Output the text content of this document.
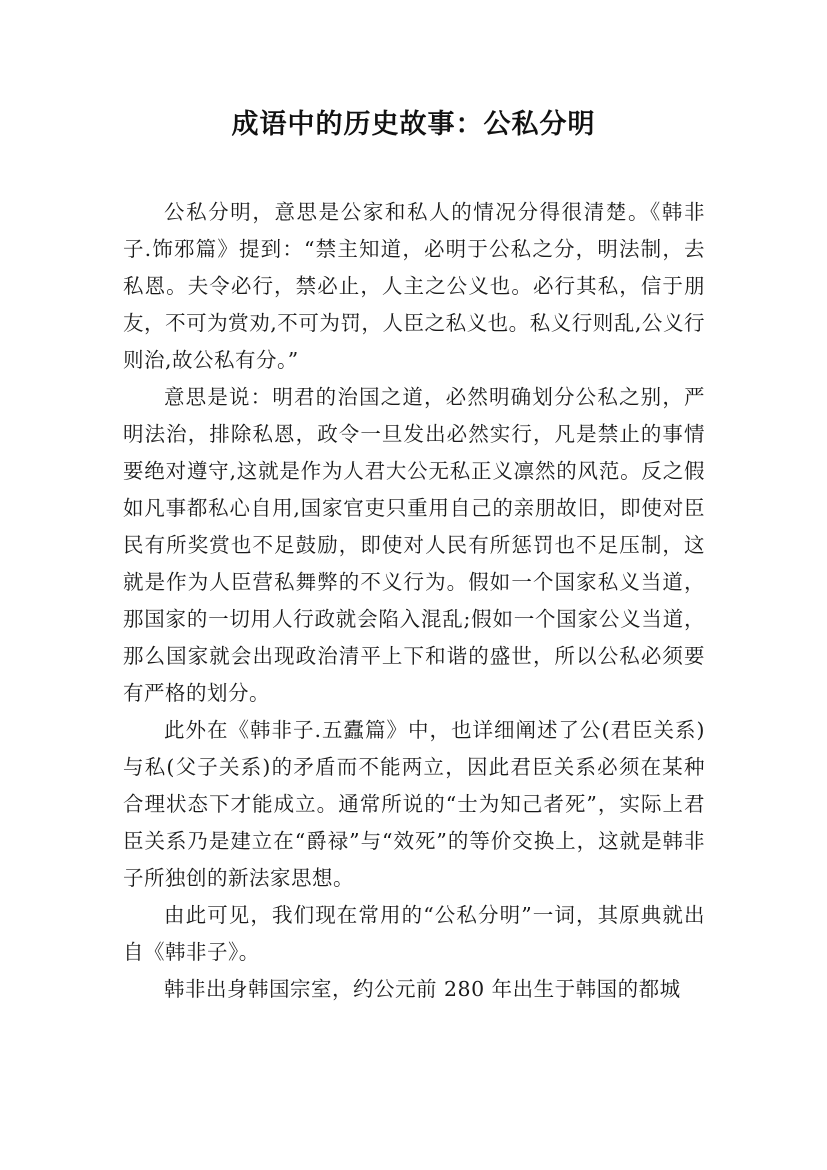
成语中的历史故事：公私分明

公私分明，意思是公家和私人的情况分得很清楚。《韩非子.饰邪篇》提到：“禁主知道，必明于公私之分，明法制，去私恩。夫令必行，禁必止，人主之公义也。必行其私，信于朋友，不可为赏劝,不可为罚，人臣之私义也。私义行则乱,公义行则治,故公私有分。”

意思是说：明君的治国之道，必然明确划分公私之别，严明法治，排除私恩，政令一旦发出必然实行，凡是禁止的事情要绝对遵守,这就是作为人君大公无私正义凛然的风范。反之假如凡事都私心自用,国家官吏只重用自己的亲朋故旧，即使对臣民有所奖赏也不足鼓励，即使对人民有所惩罚也不足压制，这就是作为人臣营私舞弊的不义行为。假如一个国家私义当道，那国家的一切用人行政就会陷入混乱;假如一个国家公义当道，那么国家就会出现政治清平上下和谐的盛世，所以公私必须要有严格的划分。

此外在《韩非子.五蠹篇》中，也详细阐述了公(君臣关系)与私(父子关系)的矛盾而不能两立，因此君臣关系必须在某种合理状态下才能成立。通常所说的“士为知己者死”，实际上君臣关系乃是建立在“爵禄”与“效死”的等价交换上，这就是韩非子所独创的新法家思想。

由此可见，我们现在常用的“公私分明”一词，其原典就出自《韩非子》。

韩非出身韩国宗室，约公元前 280 年出生于韩国的都城
